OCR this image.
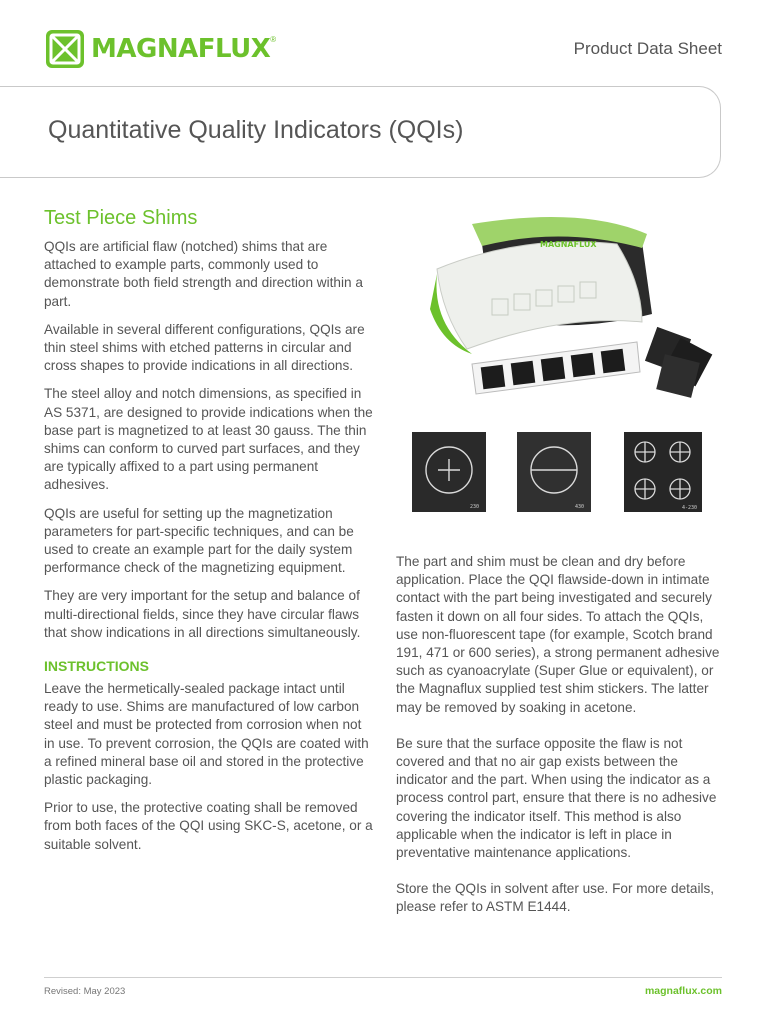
MAGNAFLUX ®	Product Data Sheet
Quantitative Quality Indicators (QQIs)
Test Piece Shims

QQIs are artificial flaw (notched) shims that are attached to example parts, commonly used to demonstrate both field strength and direction within a part.

Available in several different configurations, QQIs are thin steel shims with etched patterns in circular and cross shapes to provide indications in all directions.

The steel alloy and notch dimensions, as specified in AS 5371, are designed to provide indications when the base part is magnetized to at least 30 gauss. The thin shims can conform to curved part surfaces, and they are typically affixed to a part using permanent adhesives.

QQIs are useful for setting up the magnetization parameters for part-specific techniques, and can be used to create an example part for the daily system performance check of the magnetizing equipment.

They are very important for the setup and balance of multi-directional fields, since they have circular flaws that show indications in all directions simultaneously.

INSTRUCTIONS

Leave the hermetically-sealed package intact until ready to use. Shims are manufactured of low carbon steel and must be protected from corrosion when not in use. To prevent corrosion, the QQIs are coated with a refined mineral base oil and stored in the protective plastic packaging.

Prior to use, the protective coating shall be removed from both faces of the QQI using SKC-S, acetone, or a suitable solvent.

MAGNAFLUX
230	430	4-230

The part and shim must be clean and dry before application. Place the QQI flawside-down in intimate contact with the part being investigated and securely fasten it down on all four sides. To attach the QQIs, use non-fluorescent tape (for example, Scotch brand 191, 471 or 600 series), a strong permanent adhesive such as cyanoacrylate (Super Glue or equivalent), or the Magnaflux supplied test shim stickers. The latter may be removed by soaking in acetone.

Be sure that the surface opposite the flaw is not covered and that no air gap exists between the indicator and the part. When using the indicator as a process control part, ensure that there is no adhesive covering the indicator itself. This method is also applicable when the indicator is left in place in preventative maintenance applications.

Store the QQIs in solvent after use. For more details, please refer to ASTM E1444.

Revised: May 2023	magnaflux.com
